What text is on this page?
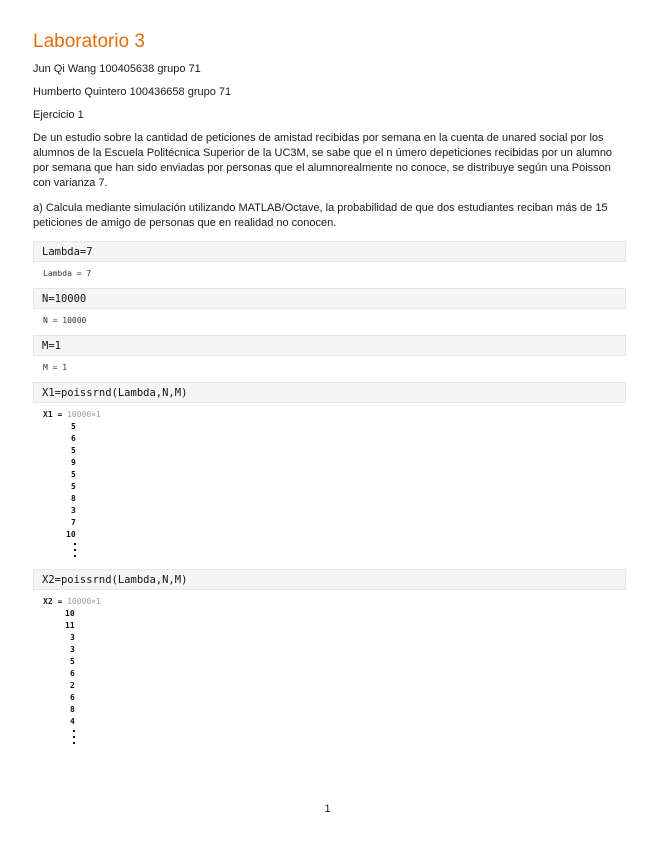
Laboratorio 3

Jun Qi Wang 100405638 grupo 71

Humberto Quintero 100436658 grupo 71

Ejercicio 1

De un estudio sobre la cantidad de peticiones de amistad recibidas por semana en la cuenta de unared social por los alumnos de la Escuela Politécnica Superior de la UC3M, se sabe que el n úmero depeticiones recibidas por un alumno por semana que han sido enviadas por personas que el alumnorealmente no conoce, se distribuye según una Poisson con varianza 7.

a) Calcula mediante simulación utilizando MATLAB/Octave, la probabilidad de que dos estudiantes reciban más de 15 peticiones de amigo de personas que en realidad no conocen.

Lambda=7
Lambda = 7
N=10000
N = 10000
M=1
M = 1
X1=poissrnd(Lambda,N,M)
X1 = 10000×1
5
6
5
9
5
5
8
3
7
10
X2=poissrnd(Lambda,N,M)
X2 = 10000×1
10
11
3
3
5
6
2
6
8
4
1
